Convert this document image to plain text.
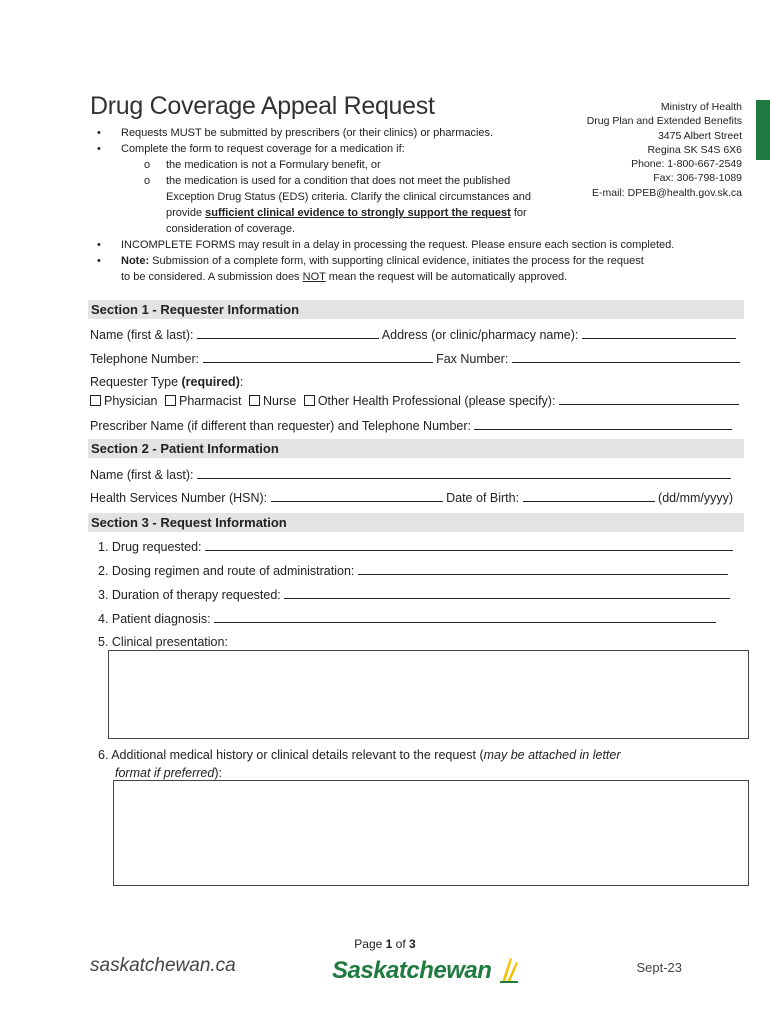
Drug Coverage Appeal Request	Ministry of Health
Drug Plan and Extended Benefits
3475 Albert Street
Regina SK S4S 6X6
Phone: 1-800-667-2549
Fax: 306-798-1089
E-mail: DPEB@health.gov.sk.ca
• Requests MUST be submitted by prescribers (or their clinics) or pharmacies.
• Complete the form to request coverage for a medication if:
o the medication is not a Formulary benefit, or
o the medication is used for a condition that does not meet the published
Exception Drug Status (EDS) criteria. Clarify the clinical circumstances and
provide sufficient clinical evidence to strongly support the request for
consideration of coverage.
• INCOMPLETE FORMS may result in a delay in processing the request. Please ensure each section is completed.
• Note: Submission of a complete form, with supporting clinical evidence, initiates the process for the request
to be considered. A submission does NOT mean the request will be automatically approved.
Section 1 - Requester Information
Name (first & last):	Address (or clinic/pharmacy name):
Telephone Number:	Fax Number:
Requester Type (required):
Physician Pharmacist Nurse Other Health Professional (please specify):
Prescriber Name (if different than requester) and Telephone Number:
Section 2 - Patient Information
Name (first & last):
Health Services Number (HSN):	Date of Birth:	(dd/mm/yyyy)
Section 3 - Request Information
1. Drug requested:
2. Dosing regimen and route of administration:
3. Duration of therapy requested:
4. Patient diagnosis:
5. Clinical presentation:
6. Additional medical history or clinical details relevant to the request (may be attached in letter
format if preferred):
Page 1 of 3
saskatchewan.ca	Saskatchewan	Sept-23
